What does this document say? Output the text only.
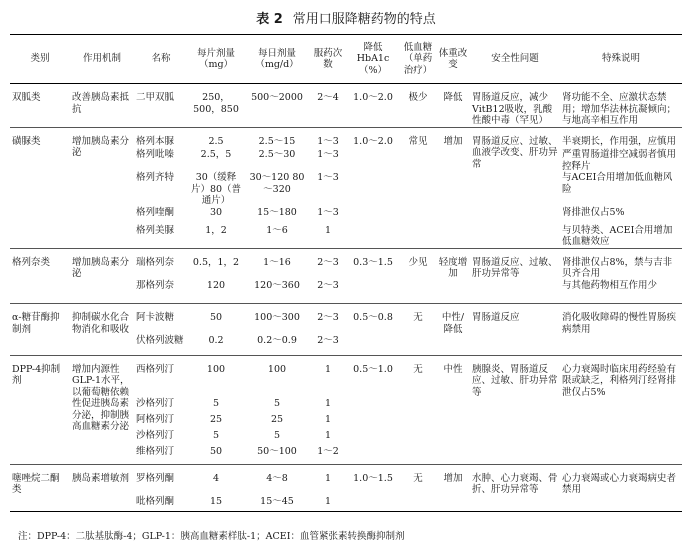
表 2 常用口服降糖药物的特点
类别	作用机制	名称	每片剂量（mg）	每日剂量（mg/d）	服药次数	降低 HbA1c（%）	低血糖（单药治疗）	体重改变	安全性问题	特殊说明
双胍类	改善胰岛素抵抗	二甲双胍	250，500，850	500～2000	2～4	1.0～2.0	极少	降低	胃肠道反应，减少VitB12吸收，乳酸性酸中毒（罕见）	肾功能不全、应激状态禁用；增加华法林抗凝倾向；与地高辛相互作用
磺脲类	增加胰岛素分泌	格列本脲	2.5	2.5～15	1～3	1.0～2.0	常见	增加	胃肠道反应、过敏、血液学改变、肝功异常	半衰期长，作用强，应慎用
		格列吡嗪	2.5，5	2.5～30	1～3					严重胃肠道排空减弱者慎用控释片
		格列齐特	30（缓释片）80（普通片）	30～120 80～320	1～3					与ACEI合用增加低血糖风险
		格列喹酮	30	15～180	1～3					肾排泄仅占5%
		格列美脲	1，2	1～6	1					与贝特类、ACEI合用增加低血糖效应
格列奈类	增加胰岛素分泌	瑞格列奈	0.5，1，2	1～16	2～3	0.3～1.5	少见	轻度增加	胃肠道反应、过敏、肝功异常等	肾排泄仅占8%，禁与吉非贝齐合用
		那格列奈	120	120～360	2～3					与其他药物相互作用少
α-糖苷酶抑制剂	抑制碳水化合物消化和吸收	阿卡波糖	50	100～300	2～3	0.5～0.8	无	中性/降低	胃肠道反应	消化吸收障碍的慢性胃肠疾病禁用
		伏格列波糖	0.2	0.2～0.9	2～3					
DPP-4抑制剂	增加内源性GLP-1水平，以葡萄糖依赖性促进胰岛素分泌，抑制胰高血糖素分泌	西格列汀	100	100	1	0.5～1.0	无	中性	胰腺炎、胃肠道反应、过敏、肝功异常等	心力衰竭时临床用药经验有限或缺乏，利格列汀经肾排泄仅占5%
		沙格列汀	5	5	1					
		阿格列汀	25	25	1					
		沙格列汀	5	5	1					
		维格列汀	50	50～100	1～2					
噻唑烷二酮类	胰岛素增敏剂	罗格列酮	4	4～8	1	1.0～1.5	无	增加	水肿、心力衰竭、骨折、肝功异常等	心力衰竭或心力衰竭病史者禁用
		吡格列酮	15	15～45	1					
注：DPP-4：二肽基肽酶-4；GLP-1：胰高血糖素样肽-1；ACEI：血管紧张素转换酶抑制剂
